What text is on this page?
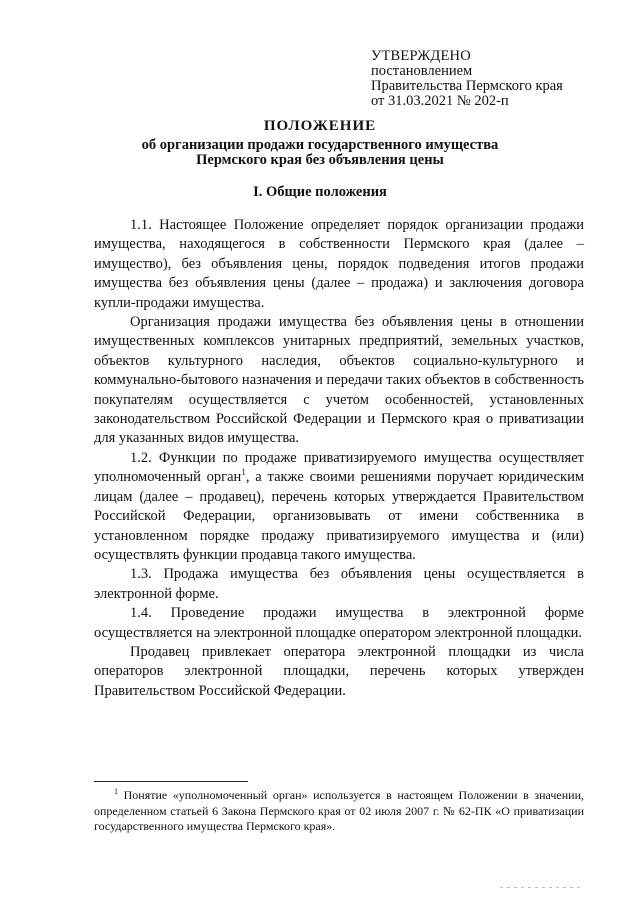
УТВЕРЖДЕНО
постановлением
Правительства Пермского края
от 31.03.2021 № 202-п
ПОЛОЖЕНИЕ
об организации продажи государственного имущества
Пермского края без объявления цены
I. Общие положения

1.1. Настоящее Положение определяет порядок организации продажи имущества, находящегося в собственности Пермского края (далее – имущество), без объявления цены, порядок подведения итогов продажи имущества без объявления цены (далее – продажа) и заключения договора купли-продажи имущества.

Организация продажи имущества без объявления цены в отношении имущественных комплексов унитарных предприятий, земельных участков, объектов культурного наследия, объектов социально-культурного и коммунально-бытового назначения и передачи таких объектов в собственность покупателям осуществляется с учетом особенностей, установленных законодательством Российской Федерации и Пермского края о приватизации для указанных видов имущества.

1.2. Функции по продаже приватизируемого имущества осуществляет уполномоченный орган$^1$, а также своими решениями поручает юридическим лицам (далее – продавец), перечень которых утверждается Правительством Российской Федерации, организовывать от имени собственника в установленном порядке продажу приватизируемого имущества и (или) осуществлять функции продавца такого имущества.

1.3. Продажа имущества без объявления цены осуществляется в электронной форме.

1.4. Проведение продажи имущества в электронной форме осуществляется на электронной площадке оператором электронной площадки.

Продавец привлекает оператора электронной площадки из числа операторов электронной площадки, перечень которых утвержден Правительством Российской Федерации.

$^1$ Понятие «уполномоченный орган» используется в настоящем Положении в значении, определенном статьей 6 Закона Пермского края от 02 июля 2007 г. № 62-ПК «О приватизации государственного имущества Пермского края».
